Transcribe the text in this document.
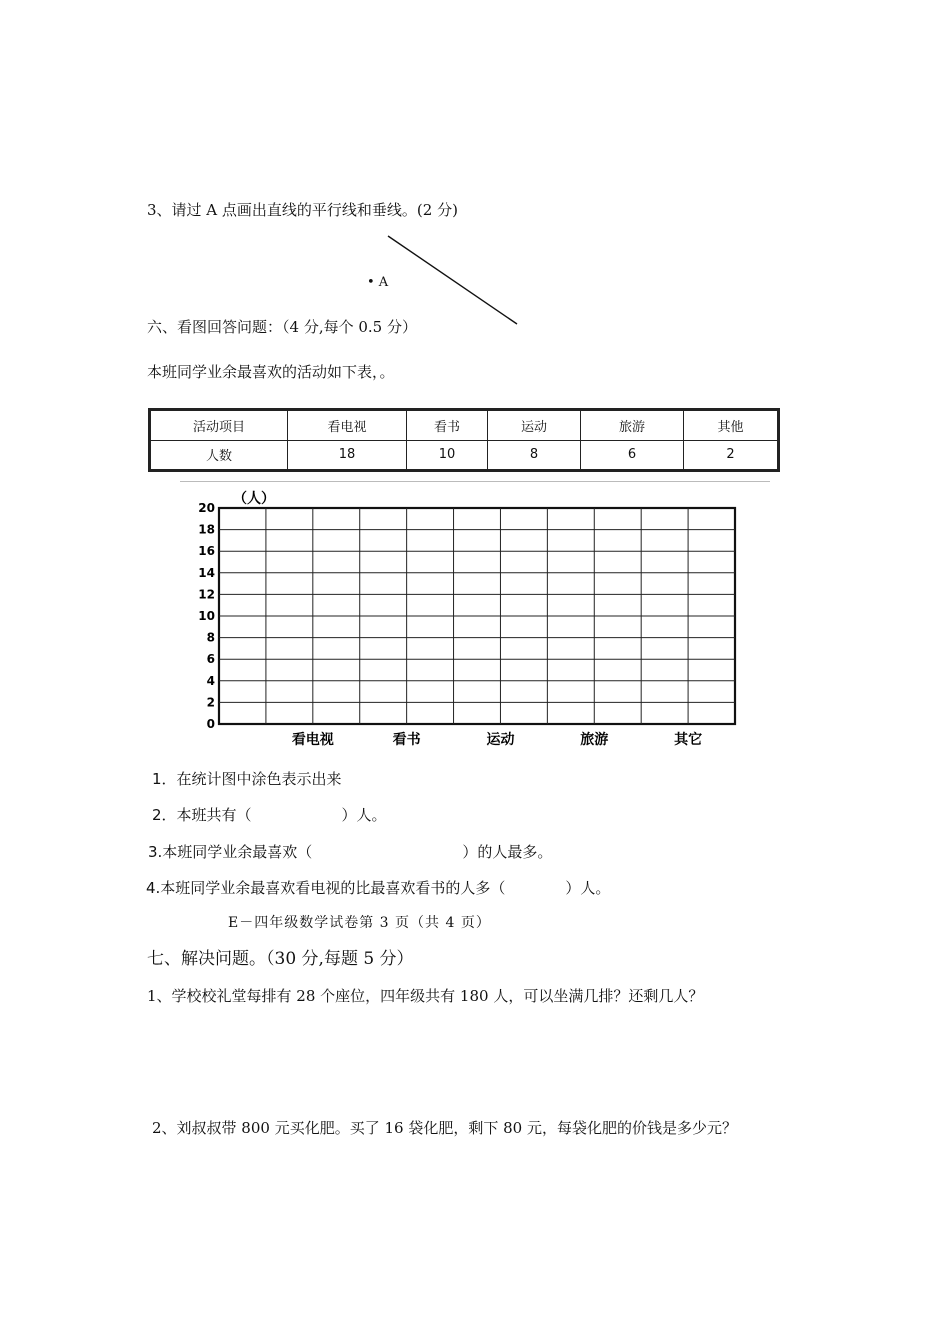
3、请过 A 点画出直线的平行线和垂线。(2 分)
• A
六、看图回答问题：（4 分,每个 0.5 分）
本班同学业余最喜欢的活动如下表，。
活动项目	看电视	看书	运动	旅游	其他
人数	18	10	8	6	2
20
18
16
14
12
10
8
6
4
2
0
看电视	看书	运动	旅游	其它
（人）
1．在统计图中涂色表示出来
2．本班共有（　　　　　　）人。
3.本班同学业余最喜欢（　　　　　　　　　　）的人最多。
4.本班同学业余最喜欢看电视的比最喜欢看书的人多（　　　　）人。
E－四年级数学试卷第 3 页（共 4 页）
七、解决问题。（30 分,每题 5 分）
1、学校校礼堂每排有 28 个座位，四年级共有 180 人，可以坐满几排？还剩几人？
2、刘叔叔带 800 元买化肥。买了 16 袋化肥，剩下 80 元，每袋化肥的价钱是多少元？
